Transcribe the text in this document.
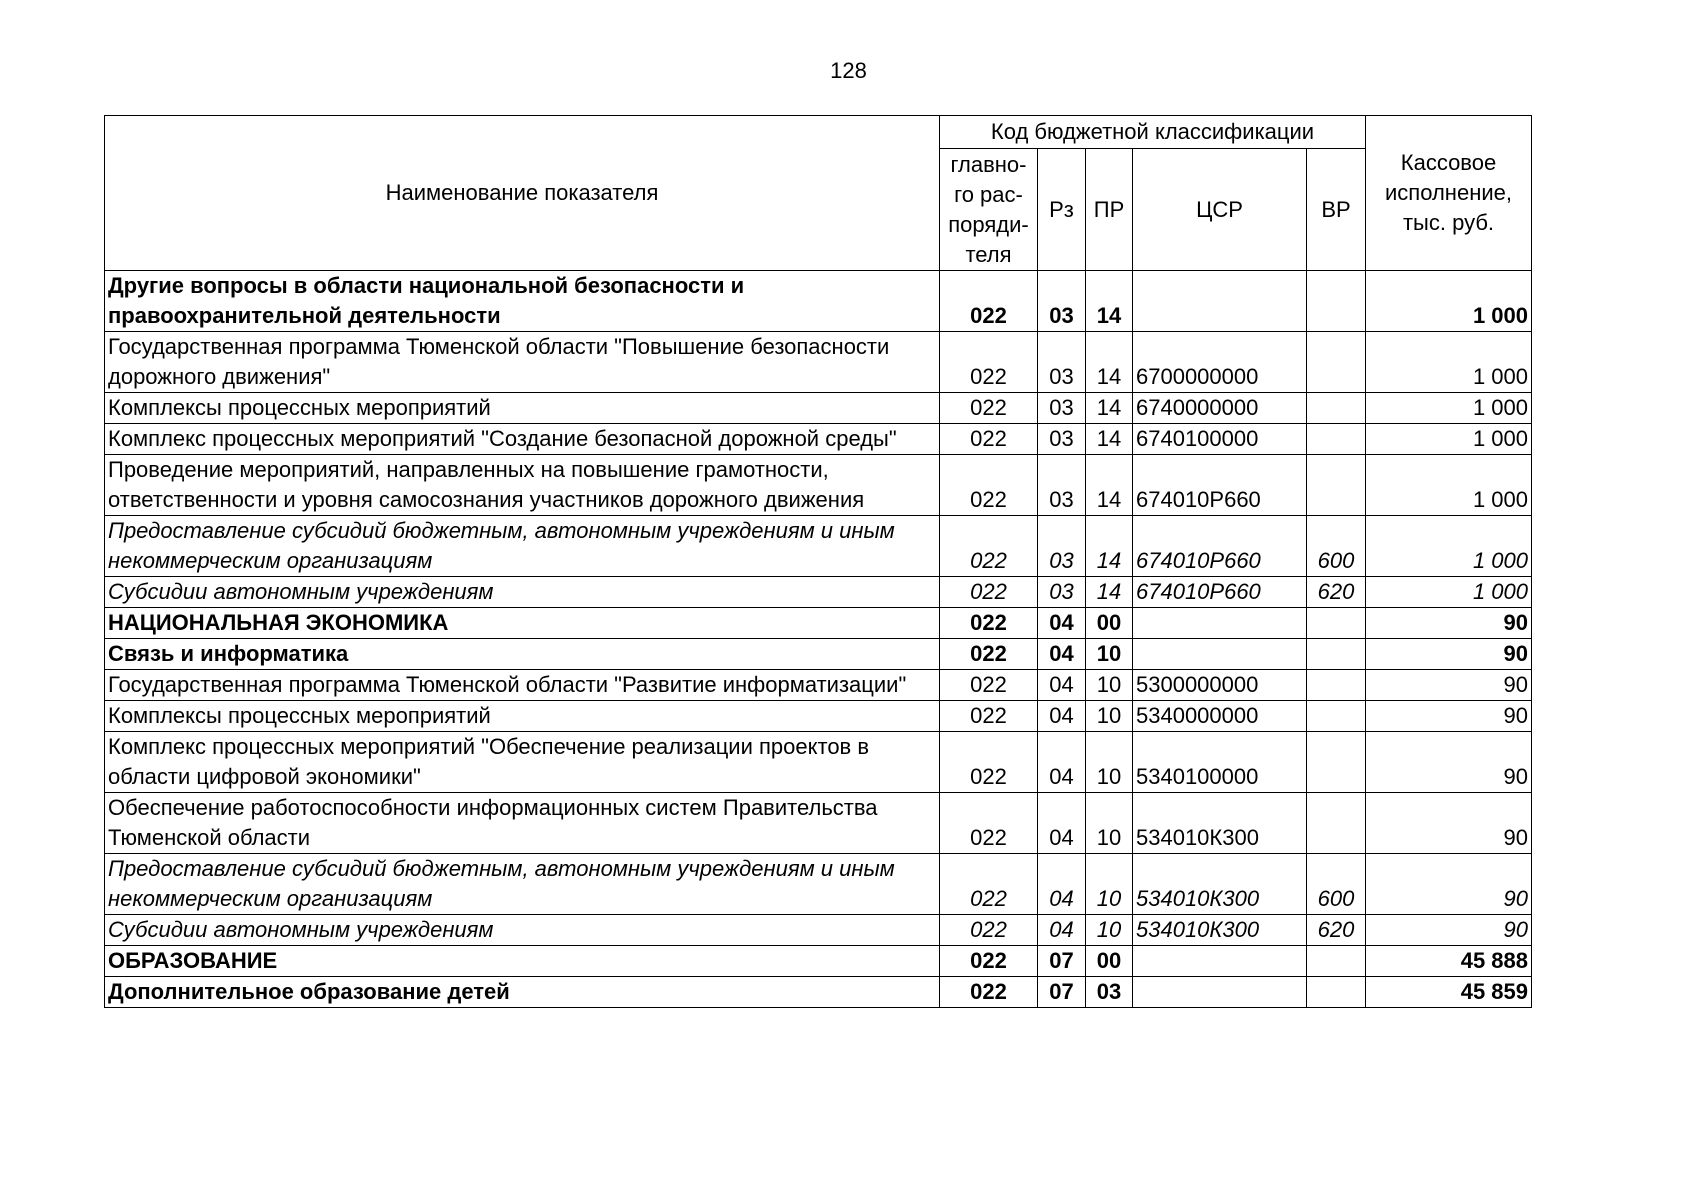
128
Наименование показателя	Код бюджетной классификации					Кассовое
исполнение,
тыс. руб.

	главно-
го рас-
поряди-
теля	Рз	ПР	ЦСР	ВР	
Другие вопросы в области национальной безопасности и правоохранительной деятельности	022	03	14			1 000
Государственная программа Тюменской области "Повышение безопасности дорожного движения"	022	03	14	6700000000		1 000
Комплексы процессных мероприятий	022	03	14	6740000000		1 000
Комплекс процессных мероприятий "Создание безопасной дорожной среды"	022	03	14	6740100000		1 000
Проведение мероприятий, направленных на повышение грамотности, ответственности и уровня самосознания участников дорожного движения	022	03	14	674010Р660		1 000
Предоставление субсидий бюджетным, автономным учреждениям и иным некоммерческим организациям	022	03	14	674010Р660	600	1 000
Субсидии автономным учреждениям	022	03	14	674010Р660	620	1 000
НАЦИОНАЛЬНАЯ ЭКОНОМИКА	022	04	00			90
Связь и информатика	022	04	10			90
Государственная программа Тюменской области "Развитие информатизации"	022	04	10	5300000000		90
Комплексы процессных мероприятий	022	04	10	5340000000		90
Комплекс процессных мероприятий "Обеспечение реализации проектов в области цифровой экономики"	022	04	10	5340100000		90
Обеспечение работоспособности информационных систем Правительства Тюменской области	022	04	10	534010К300		90
Предоставление субсидий бюджетным, автономным учреждениям и иным некоммерческим организациям	022	04	10	534010К300	600	90
Субсидии автономным учреждениям	022	04	10	534010К300	620	90
ОБРАЗОВАНИЕ	022	07	00			45 888
Дополнительное образование детей	022	07	03			45 859
